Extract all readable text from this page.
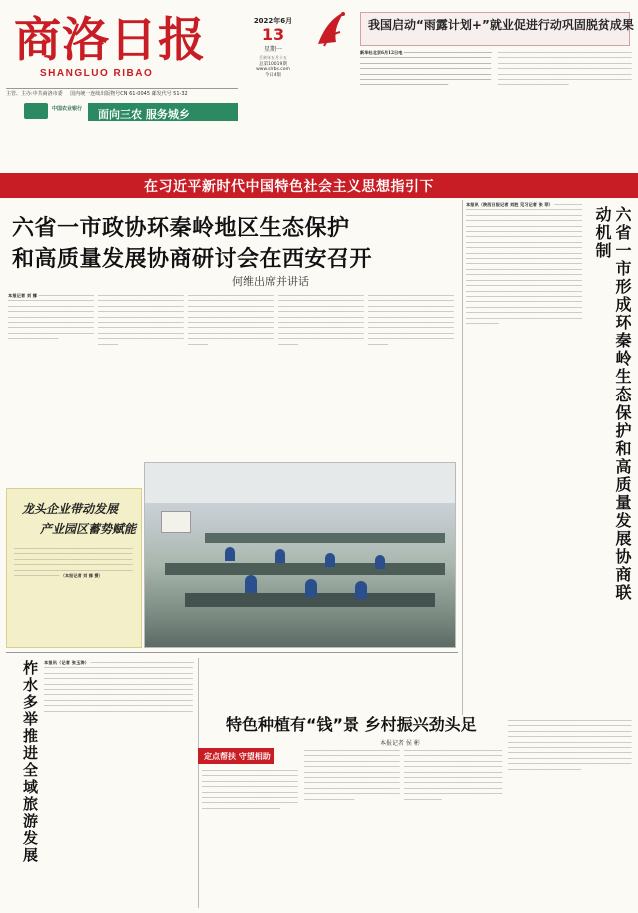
商洛日报
SHANGLUO RIBAO
2022年6月
13
星期一
壬寅年五月十五
总第10019期
www.slrbs.com
今日4版
主管、主办:中共商洛市委 国内统一连续出版物号CN 61-0045 邮发代号 51-32
中国农业银行 面向三农 服务城乡
我国启动“雨露计划+”就业促进行动巩固脱贫成果
新华社北京6月12日电 ──────────────────────────────────────────────────────────────────────────────────────────────────────────────────────────────────────────────────────────────────────────────────────────────────────────────────────────────────────────────────────────────────────────────────────────────────────────────────────────────────────────
──────────────────────────────────────────────────────────────────────────────────────────────────────────────────────────────────────────────────────────────────────────────────────────────────────────────────────────────────────────────────────────────────────────────────────────────────────────────────────────────────────────────────────────
在习近平新时代中国特色社会主义思想指引下
六省一市政协环秦岭地区生态保护
和高质量发展协商研讨会在西安召开
何维出席并讲话
本报记者 刘 娜 ────────────────────────────────────────────────────────────────────────────────────────────────────────────────────────────────────────────────────────────────────────────────────────────────────────────────────────────────────────────────────────────────────────────────────────
──────────────────────────────────────────────────────────────────────────────────────────────────────────────────────────────────────────────────────────────────────────────────────────────────────────────────────────────────────────────────────────────────────────────────────────────────────────────────────────
──────────────────────────────────────────────────────────────────────────────────────────────────────────────────────────────────────────────────────────────────────────────────────────────────────────────────────────────────────────────────────────────────────────────────────────────────────────────────────────
──────────────────────────────────────────────────────────────────────────────────────────────────────────────────────────────────────────────────────────────────────────────────────────────────────────────────────────────────────────────────────────────────────────────────────────────────────────────────────────
──────────────────────────────────────────────────────────────────────────────────────────────────────────────────────────────────────────────────────────────────────────────────────────────────────────────────────────────────────────────────────────────────────────────────────────────────────────────────────────
本报讯（陕西日报记者 刘胜 见习记者 张 菲） ──────────────────────────────────────────────────────────────────────────────────────────────────────────────────────────────────────────────────────────────────────────────────────────────────────────────────────────────────────────────────────────────────────────────────────────────────────────────────────────────────────────────────────────────────────────────────────────────────────────────────────────────────────────────────────────────────────────────────────────────────────────────────────────────────────────────────────────────────────────────────────────────────────────────────────────────────────────────────────────────────────────────────────────────────────────────────────────────────────────────────────────────────────────────────────────────────────────────────────────────────────────────────────────────────────────────────────────────────────────────────────────────────────────────────────────────────────────────────────────────────────────────────────────────	六省一市形成环秦岭生态保护和高质量发展协商联动机制
龙头企业带动发展
产业园区蓄势赋能
───────────────────────────────────────────────────────────────────────────────────────────────────────────────────────────────────────────────────────────────────────────────────────────────────────────────────────────────────────────────────────────── （本报记者 刘 娜 摄）
柞水多举推进全域旅游发展 本报讯（记者 张玉涛） ────────────────────────────────────────────────────────────────────────────────────────────────────────────────────────────────────────────────────────────────────────────────────────────────────────────────────────────────────────────────────────────────────────────────────────────────────────────────────────────────────────────────────────────────────────────────────────────────────────────────────────────────────────────────────────────────────────────────────────────────────────────────────────────────────────────────────────────────────────────────────────────
特色种植有“钱”景 乡村振兴劲头足
本报记者 侯 彬
定点帮扶 守望相助
─────────────────────────────────────────────────────────────────────────────────────────────────────────────────────────────────────────────────────────────────────────────────────────────────────────────────────────────────────────────────────────────────────────────────────────────────────────
──────────────────────────────────────────────────────────────────────────────────────────────────────────────────────────────────────────────────────────────────────────────────────────────────────────────────────────────────────────────────────────────────────────────────────────────────────────────────────────────────────────────────────────────────────────
──────────────────────────────────────────────────────────────────────────────────────────────────────────────────────────────────────────────────────────────────────────────────────────────────────────────────────────────────────────────────────────────────────────────────────────────────────────────────────────────────────────────────────────────────────────────
──────────────────────────────────────────────────────────────────────────────────────────────────────────────────────────────────────────────────────────────────────────────────────────────────────────────────────────────────────────────────────────────────────────────────────────────────────────────────────────────────────────────────────────────────────────────────────────────────────────────────────────────────────────────────────────────────────────────────────
